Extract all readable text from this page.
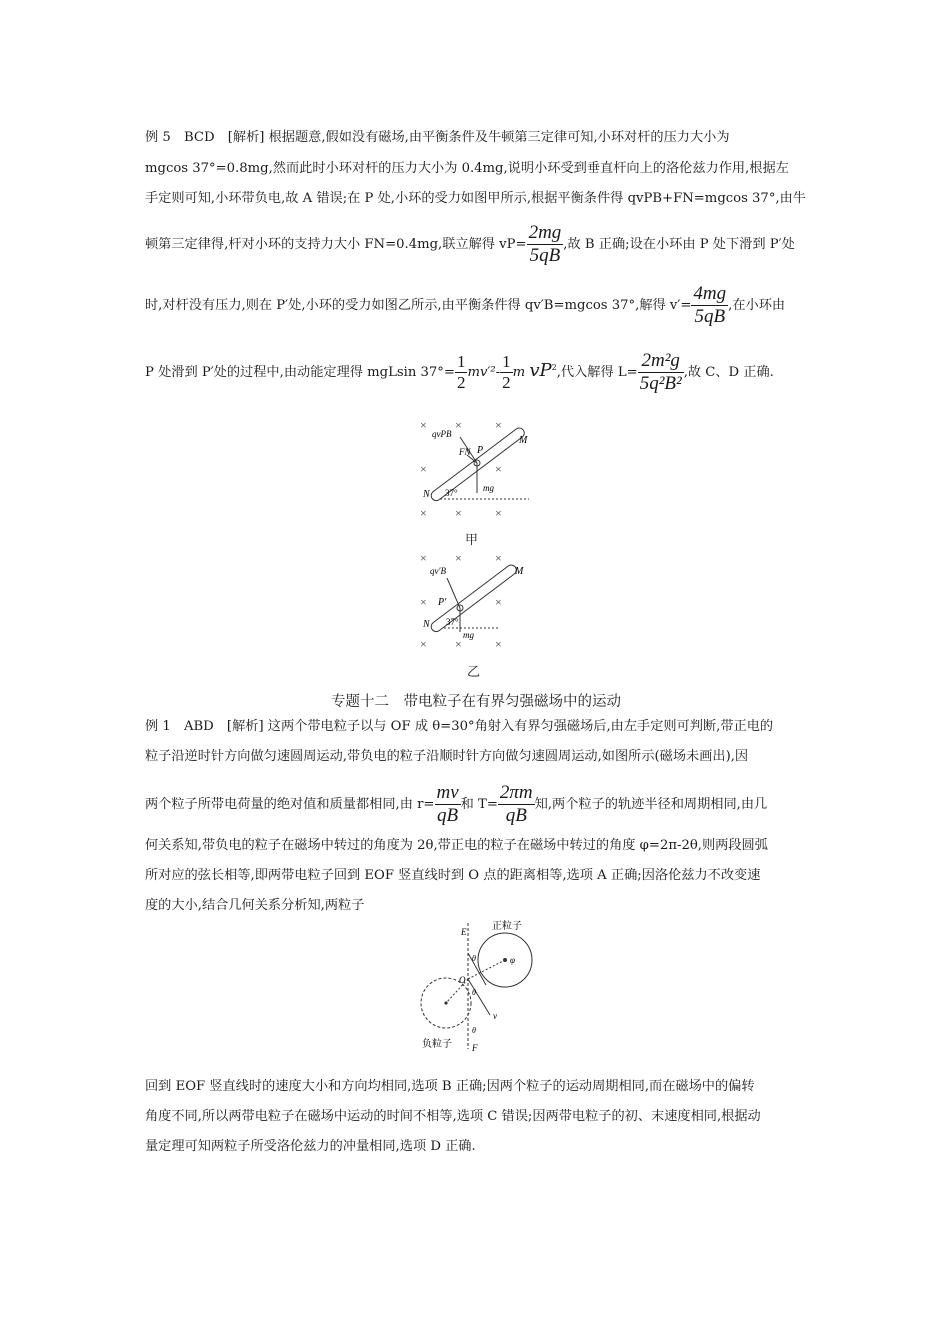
例 5　BCD　[解析] 根据题意,假如没有磁场,由平衡条件及牛顿第三定律可知,小环对杆的压力大小为
mgcos 37°=0.8mg,然而此时小环对杆的压力大小为 0.4mg,说明小环受到垂直杆向上的洛伦兹力作用,根据左
手定则可知,小环带负电,故 A 错误;在 P 处,小环的受力如图甲所示,根据平衡条件得 qvPB+FN=mgcos 37°,由牛
顿第三定律得,杆对小环的支持力大小 FN=0.4mg,联立解得 $vP= \frac{2mg}{5qB}$ ,故 B 正确;设在小环由 P 处下滑到 P′处
时,对杆没有压力,则在 P′处,小环的受力如图乙所示,由平衡条件得 qv′B=mgcos 37°,解得 $v'= \frac{4mg}{5qB}$ ,在小环由
P 处滑到 P′处的过程中,由动能定理得 mgLsin $37^\circ= \frac{1}{2} mv'^2- \frac{1}{2}$ m $vP^2$,代入解得 $L= \frac{\text{2m²g}}{\text{5q²B²}}$ ,故 C、D 正确.
× ×	×
×	×
× ×	×
qvPB
P
M
FN
N 37°	mg
甲
× ×	×
×	×
× ×	×
qv′B	M
P′
N 37°
mg
乙
专题十二　带电粒子在有界匀强磁场中的运动
例 1　ABD　[解析] 这两个带电粒子以与 OF 成 θ=30°角射入有界匀强磁场后,由左手定则可判断,带正电的
粒子沿逆时针方向做匀速圆周运动,带负电的粒子沿顺时针方向做匀速圆周运动,如图所示(磁场未画出),因
两个粒子所带电荷量的绝对值和质量都相同,由 $r= \frac{mv}{qB}$ 和 $T= \frac{2\pi m}{qB}$ 知,两个粒子的轨迹半径和周期相同,由几
何关系知,带负电的粒子在磁场中转过的角度为 2θ,带正电的粒子在磁场中转过的角度 φ=2π-2θ,则两段圆弧
所对应的弦长相等,即两带电粒子回到 EOF 竖直线时到 O 点的距离相等,选项 A 正确;因洛伦兹力不改变速
度的大小,结合几何关系分析知,两粒子
正粒子
负粒子
E
F
O
φ
v
θ
θ
θ
回到 EOF 竖直线时的速度大小和方向均相同,选项 B 正确;因两个粒子的运动周期相同,而在磁场中的偏转
角度不同,所以两带电粒子在磁场中运动的时间不相等,选项 C 错误;因两带电粒子的初、末速度相同,根据动
量定理可知两粒子所受洛伦兹力的冲量相同,选项 D 正确.
